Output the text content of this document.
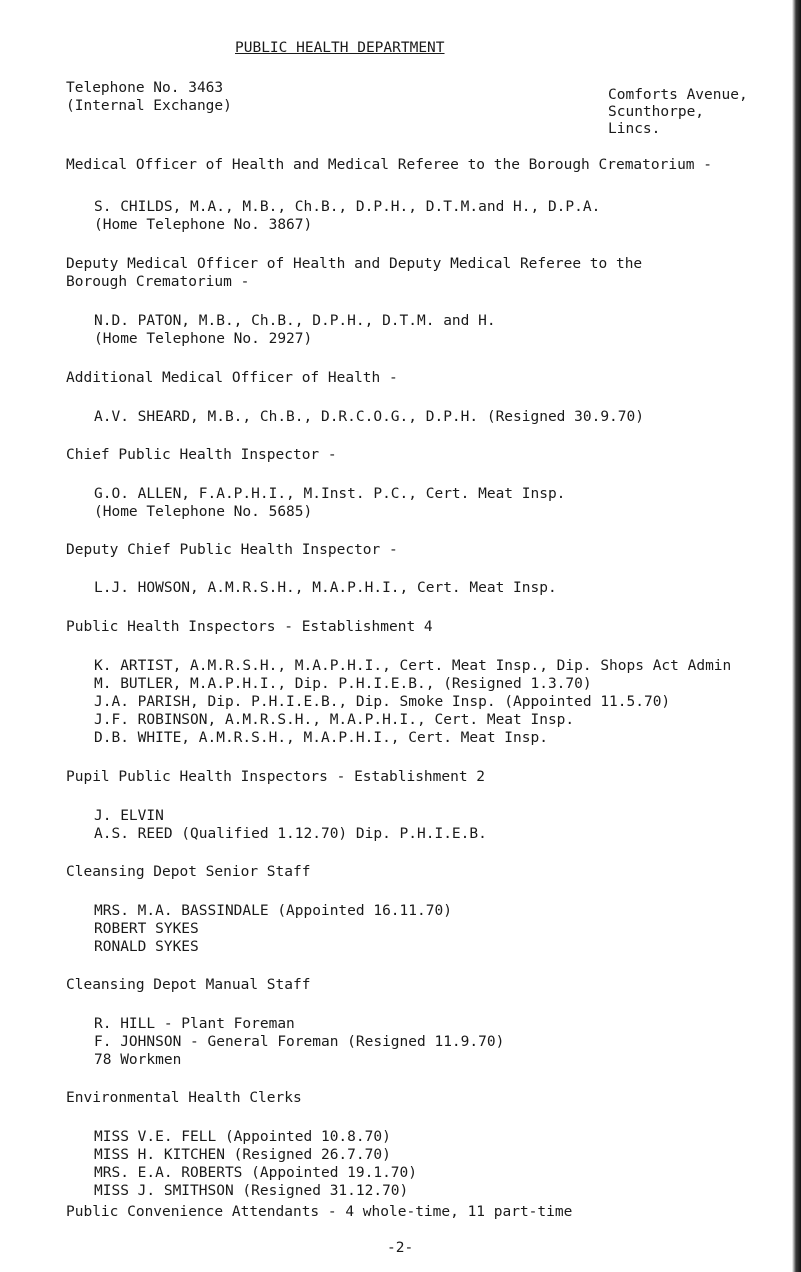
PUBLIC HEALTH DEPARTMENT
Telephone No. 3463
(Internal Exchange)
Comforts Avenue,
Scunthorpe,
Lincs.
Medical Officer of Health and Medical Referee to the Borough Crematorium -
S. CHILDS, M.A., M.B., Ch.B., D.P.H., D.T.M.and H., D.P.A.
(Home Telephone No. 3867)
Deputy Medical Officer of Health and Deputy Medical Referee to the
Borough Crematorium -
N.D. PATON, M.B., Ch.B., D.P.H., D.T.M. and H.
(Home Telephone No. 2927)
Additional Medical Officer of Health -
A.V. SHEARD, M.B., Ch.B., D.R.C.O.G., D.P.H. (Resigned 30.9.70)
Chief Public Health Inspector -
G.O. ALLEN, F.A.P.H.I., M.Inst. P.C., Cert. Meat Insp.
(Home Telephone No. 5685)
Deputy Chief Public Health Inspector -
L.J. HOWSON, A.M.R.S.H., M.A.P.H.I., Cert. Meat Insp.
Public Health Inspectors - Establishment 4
K. ARTIST, A.M.R.S.H., M.A.P.H.I., Cert. Meat Insp., Dip. Shops Act Admin
M. BUTLER, M.A.P.H.I., Dip. P.H.I.E.B., (Resigned 1.3.70)
J.A. PARISH, Dip. P.H.I.E.B., Dip. Smoke Insp. (Appointed 11.5.70)
J.F. ROBINSON, A.M.R.S.H., M.A.P.H.I., Cert. Meat Insp.
D.B. WHITE, A.M.R.S.H., M.A.P.H.I., Cert. Meat Insp.
Pupil Public Health Inspectors - Establishment 2
J. ELVIN
A.S. REED (Qualified 1.12.70) Dip. P.H.I.E.B.
Cleansing Depot Senior Staff
MRS. M.A. BASSINDALE (Appointed 16.11.70)
ROBERT SYKES
RONALD SYKES
Cleansing Depot Manual Staff
R. HILL - Plant Foreman
F. JOHNSON - General Foreman (Resigned 11.9.70)
78 Workmen
Environmental Health Clerks
MISS V.E. FELL (Appointed 10.8.70)
MISS H. KITCHEN (Resigned 26.7.70)
MRS. E.A. ROBERTS (Appointed 19.1.70)
MISS J. SMITHSON (Resigned 31.12.70)
Public Convenience Attendants - 4 whole-time, 11 part-time
-2-
